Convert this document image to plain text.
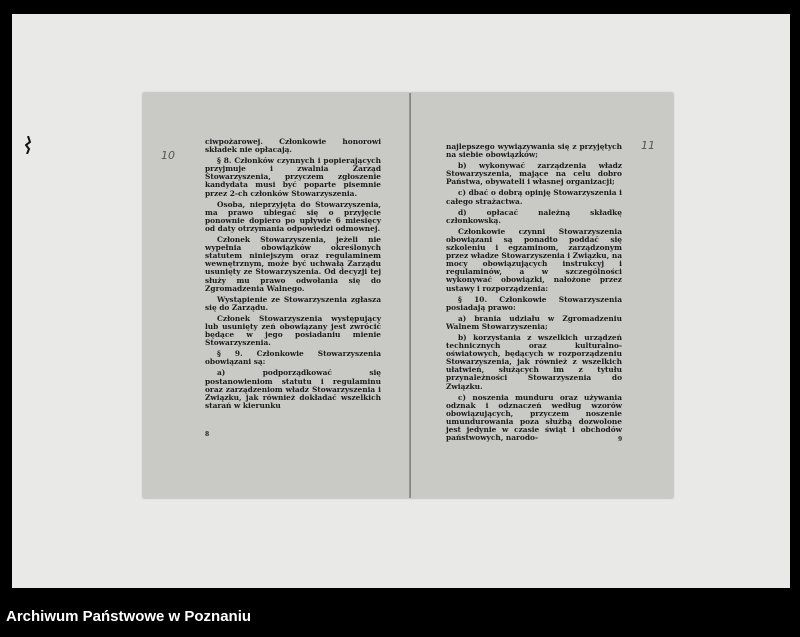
10

ciwpożarowej. Członkowie honorowi składek nie opłacają.

§ 8. Członków czynnych i popierających przyjmuje i zwalnia Zarząd Stowarzyszenia, przyczem zgłoszenie kandydata musi być poparte pisemnie przez 2-ch członków Stowarzyszenia.

Osoba, nieprzyjęta do Stowarzyszenia, ma prawo ubiegać się o przyjęcie ponownie dopiero po upływie 6 miesięcy od daty otrzymania odpowiedzi odmownej.

Członek Stowarzyszenia, jeżeli nie wypełnia obowiązków określonych statutem niniejszym oraz regulaminem wewnętrznym, może być uchwałą Zarządu usunięty ze Stowarzyszenia. Od decyzji tej służy mu prawo odwołania się do Zgromadzenia Walnego.

Wystąpienie ze Stowarzyszenia zgłasza się do Zarządu.

Członek Stowarzyszenia występujący lub usunięty zeń obowiązany jest zwrócić będące w jego posiadaniu mienie Stowarzyszenia.

§ 9. Członkowie Stowarzyszenia obowiązani są:

a) podporządkować się postanowieniom statutu i regulaminu oraz zarządzeniom władz Stowarzyszenia i Związku, jak również dokładać wszelkich starań w kierunku

8
11

najlepszego wywiązywania się z przyjętych na siebie obowiązków;

b) wykonywać zarządzenia władz Stowarzyszenia, mające na celu dobro Państwa, obywateli i własnej organizacji;

c) dbać o dobrą opinję Stowarzyszenia i całego strażactwa.

d) opłacać należną składkę członkowską.

Członkowie czynni Stowarzyszenia obowiązani są ponadto poddać się szkoleniu i egzaminom, zarządzonym przez władze Stowarzyszenia i Związku, na mocy obowiązujących instrukcyj i regulaminów, a w szczególności wykonywać obowiązki, nałożone przez ustawy i rozporządzenia:

§ 10. Członkowie Stowarzyszenia posiadają prawo:

a) brania udziału w Zgromadzeniu Walnem Stowarzyszenia;

b) korzystania z wszelkich urządzeń technicznych oraz kulturalno-oświatowych, będących w rozporządzeniu Stowarzyszenia, jak również z wszelkich ułatwień, służących im z tytułu przynależności Stowarzyszenia do Związku.

c) noszenia munduru oraz używania odznak i odznaczeń według wzorów obowiązujących, przyczem noszenie umundurowania poza służbą dozwolone jest jedynie w czasie świąt i obchodów państwowych, narodo-	9
Archiwum Państwowe w Poznaniu
